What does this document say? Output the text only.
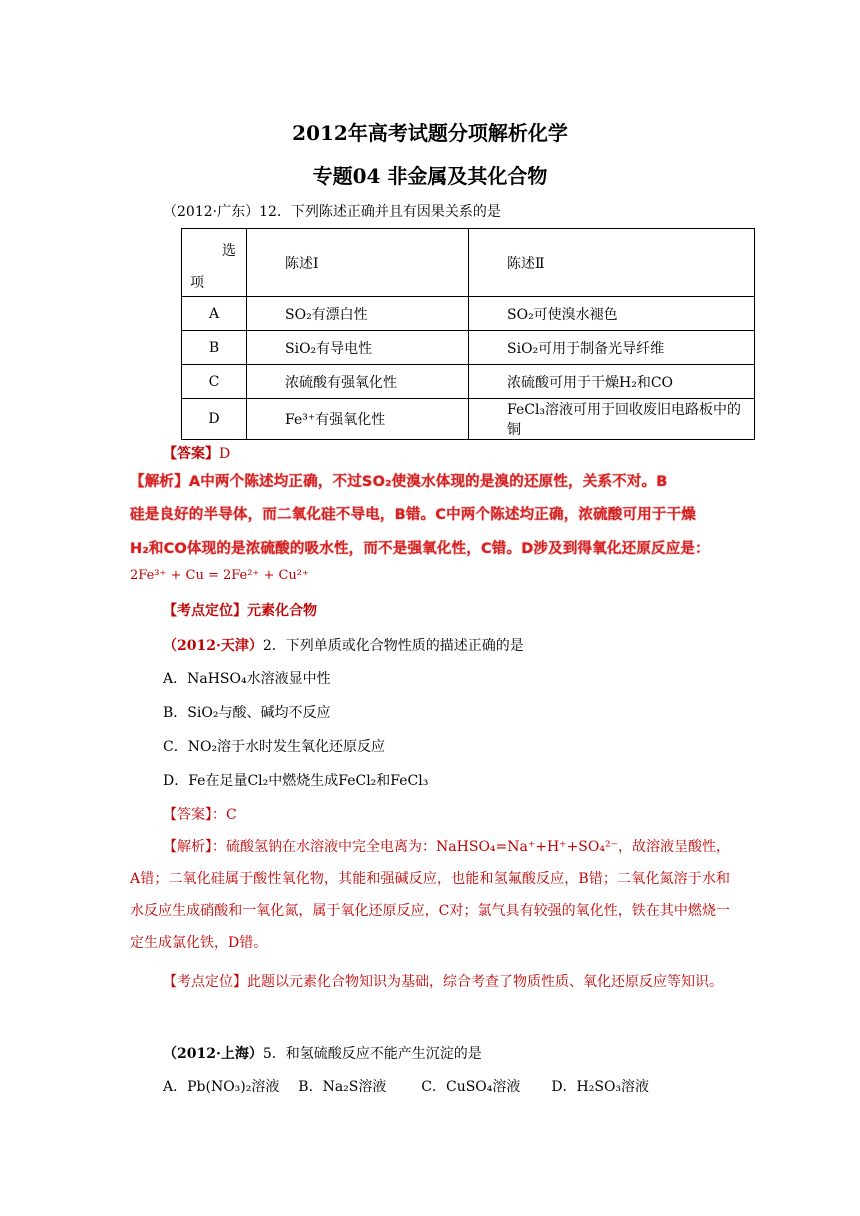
2012年高考试题分项解析化学
专题04 非金属及其化合物
（2012·广东）12．下列陈述正确并且有因果关系的是
选
项	陈述Ⅰ	陈述Ⅱ
A	SO₂有漂白性	SO₂可使溴水褪色
B	SiO₂有导电性	SiO₂可用于制备光导纤维
C	浓硫酸有强氧化性	浓硫酸可用于干燥H₂和CO
D	Fe³⁺有强氧化性	FeCl₃溶液可用于回收废旧电路板中的铜
【答案】D
【解析】A中两个陈述均正确，不过SO₂使溴水体现的是溴的还原性，关系不对。B
硅是良好的半导体，而二氧化硅不导电，B错。C中两个陈述均正确，浓硫酸可用于干燥
H₂和CO体现的是浓硫酸的吸水性，而不是强氧化性，C错。D涉及到得氧化还原反应是：
2Fe³⁺ + Cu = 2Fe²⁺ + Cu²⁺
【考点定位】元素化合物
（2012·天津）2．下列单质或化合物性质的描述正确的是
A．NaHSO₄水溶液显中性
B．SiO₂与酸、碱均不反应
C．NO₂溶于水时发生氧化还原反应
D．Fe在足量Cl₂中燃烧生成FeCl₂和FeCl₃
【答案】：C
【解析】：硫酸氢钠在水溶液中完全电离为：NaHSO₄=Na⁺+H⁺+SO₄²⁻，故溶液呈酸性，A错；二氧化硅属于酸性氧化物，其能和强碱反应，也能和氢氟酸反应，B错；二氧化氮溶于水和水反应生成硝酸和一氧化氮，属于氧化还原反应，C对；氯气具有较强的氧化性，铁在其中燃烧一定生成氯化铁，D错。
【考点定位】此题以元素化合物知识为基础，综合考查了物质性质、氧化还原反应等知识。
（2012·上海）5．和氢硫酸反应不能产生沉淀的是
A．Pb(NO₃)₂溶液 B．Na₂S溶液 C．CuSO₄溶液 D．H₂SO₃溶液
